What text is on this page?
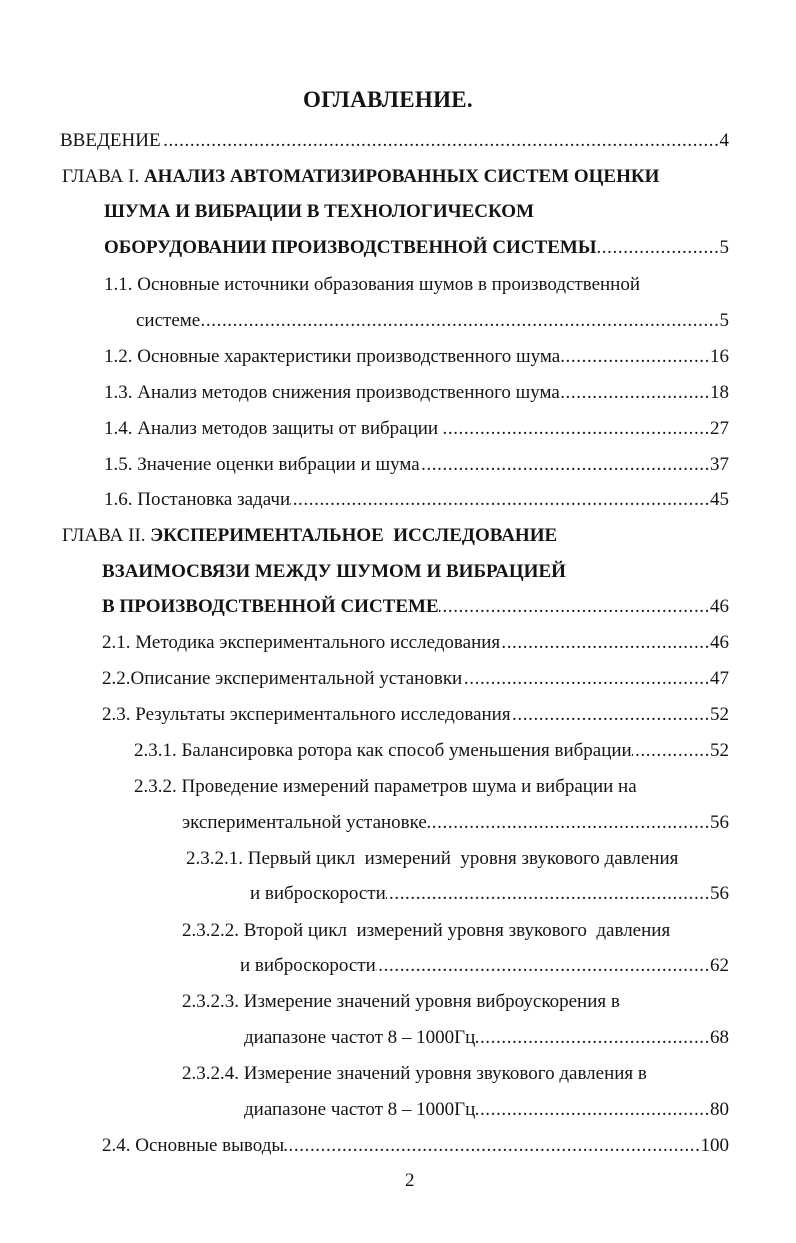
ОГЛАВЛЕНИЕ.
ВВЕДЕНИЕ .....	4
ГЛАВА I. АНАЛИЗ АВТОМАТИЗИРОВАННЫХ СИСТЕМ ОЦЕНКИ
ШУМА И ВИБРАЦИИ В ТЕХНОЛОГИЧЕСКОМ
ОБОРУДОВАНИИ ПРОИЗВОДСТВЕННОЙ СИСТЕМЫ .....	5
1.1. Основные источники образования шумов в производственной
системе .....	5
1.2. Основные характеристики производственного шума .....	16
1.3. Анализ методов снижения производственного шума .....	18
1.4. Анализ методов защиты от вибрации .....	27
1.5. Значение оценки вибрации и шума .....	37
1.6. Постановка задачи .....	45
ГЛАВА II. ЭКСПЕРИМЕНТАЛЬНОЕ  ИССЛЕДОВАНИЕ
ВЗАИМОСВЯЗИ МЕЖДУ ШУМОМ И ВИБРАЦИЕЙ
В ПРОИЗВОДСТВЕННОЙ СИСТЕМЕ .....	46
2.1. Методика экспериментального исследования .....	46
2.2.Описание экспериментальной установки .....	47
2.3. Результаты экспериментального исследования .....	52
2.3.1. Балансировка ротора как способ уменьшения вибрации .....	52
2.3.2. Проведение измерений параметров шума и вибрации на
экспериментальной установке .....	56
2.3.2.1. Первый цикл  измерений  уровня звукового давления
и виброскорости .....	56
2.3.2.2. Второй цикл  измерений уровня звукового  давления
и виброскорости .....	62
2.3.2.3. Измерение значений уровня виброускорения в
диапазоне частот 8 – 1000Гц .....	68
2.3.2.4. Измерение значений уровня звукового давления в
диапазоне частот 8 – 1000Гц .....	80
2.4. Основные выводы .....	100
2
